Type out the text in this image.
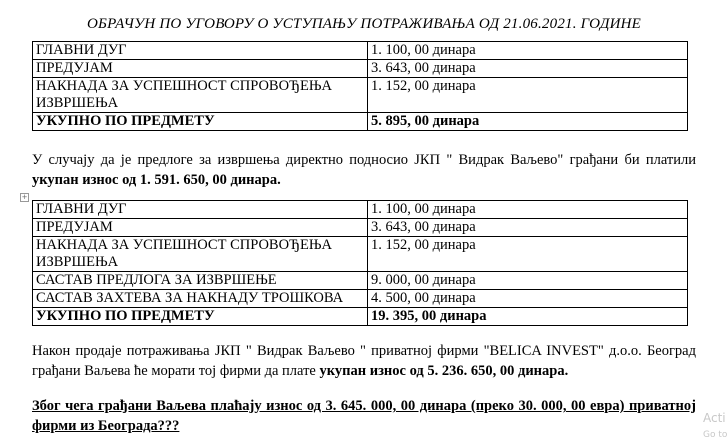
ОБРАЧУН ПО УГОВОРУ О УСТУПАЊУ ПОТРАЖИВАЊА ОД 21.06.2021. ГОДИНЕ
ГЛАВНИ ДУГ	1. 100, 00 динара
ПРЕДУЈАМ	3. 643, 00 динара
НАКНАДА ЗА УСПЕШНОСТ СПРОВОЂЕЊА ИЗВРШЕЊА	1. 152, 00 динара
УКУПНО ПО ПРЕДМЕТУ	5. 895, 00 динара
У случају да је предлоге за извршења директно подносио ЈКП " Видрак Ваљево" грађани би платили укупан износ од 1. 591. 650, 00 динара.
+
ГЛАВНИ ДУГ	1. 100, 00 динара
ПРЕДУЈАМ	3. 643, 00 динара
НАКНАДА ЗА УСПЕШНОСТ СПРОВОЂЕЊА ИЗВРШЕЊА	1. 152, 00 динара
САСТАВ ПРЕДЛОГА ЗА ИЗВРШЕЊЕ	9. 000, 00 динара
САСТАВ ЗАХТЕВА ЗА НАКНАДУ ТРОШКОВА	4. 500, 00 динара
УКУПНО ПО ПРЕДМЕТУ	19. 395, 00 динара
Након продаје потраживања ЈКП " Видрак Ваљево " приватној фирми "BELICA INVEST" д.о.о. Београд грађани Ваљева ће морати тој фирми да плате укупан износ од 5. 236. 650, 00 динара.
Због чега грађани Ваљева плаћају износ од 3. 645. 000, 00 динара (преко 30. 000, 00 евра) приватној фирми из Београда???	Acti
Go to
